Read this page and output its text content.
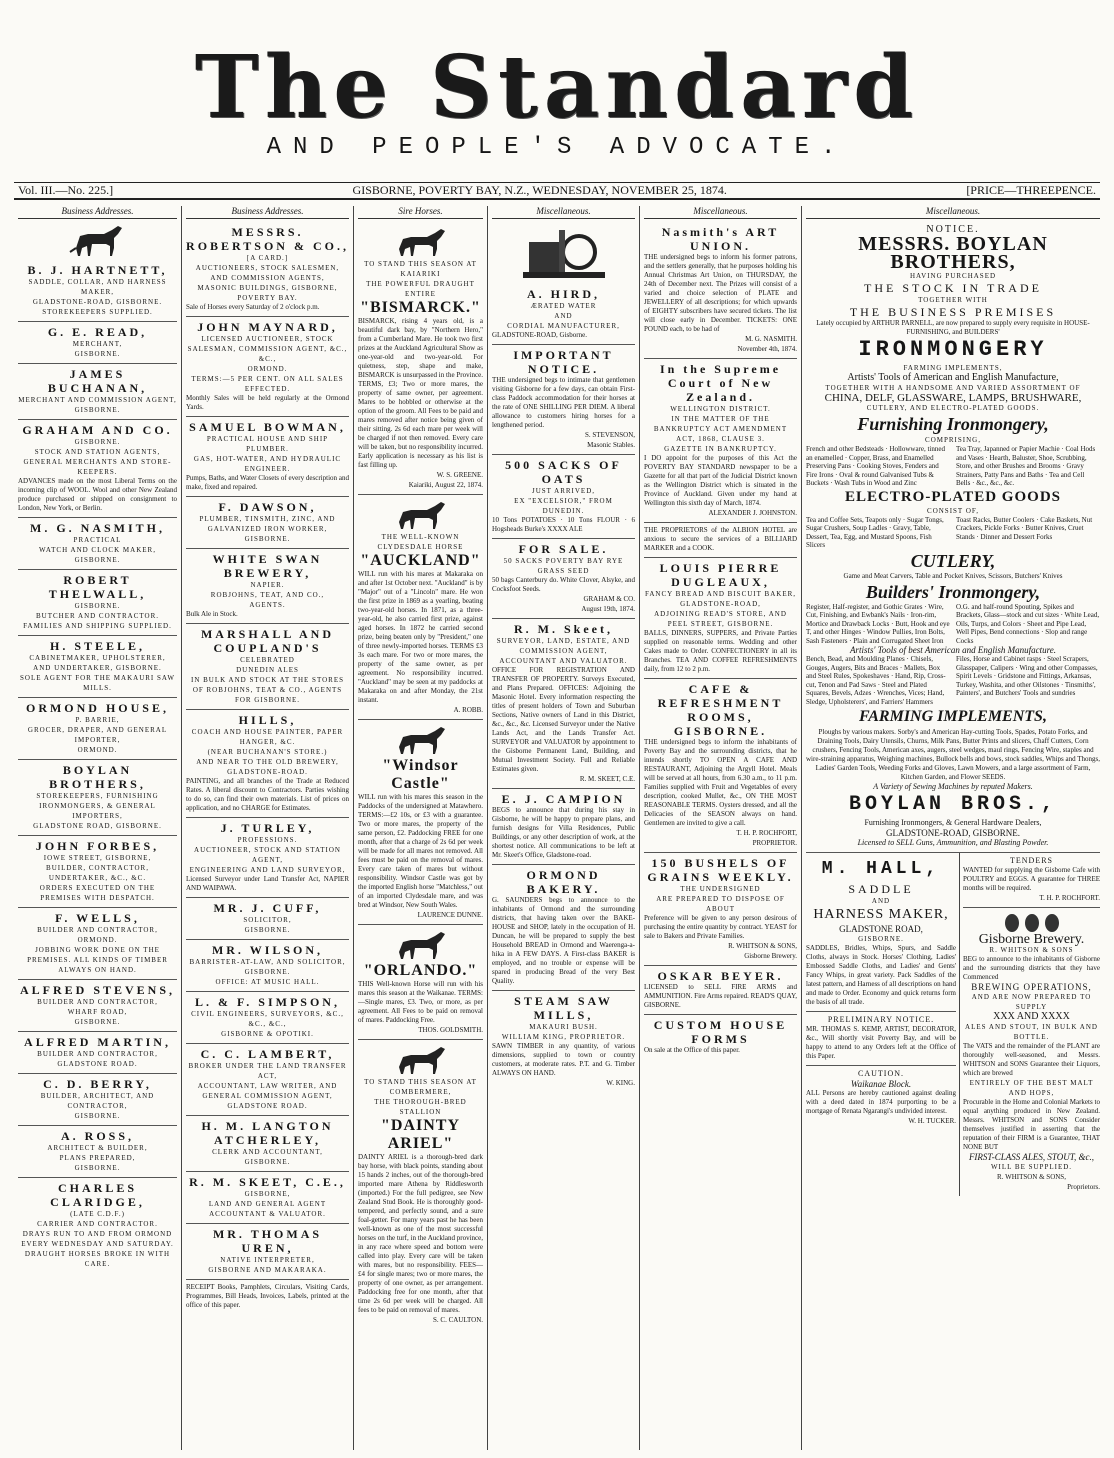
The Standard
AND PEOPLE'S ADVOCATE.
Vol. III.—No. 225.]	GISBORNE, POVERTY BAY, N.Z., WEDNESDAY, NOVEMBER 25, 1874.	[PRICE—THREEPENCE.
Business Addresses.
B. J. HARTNETT,
SADDLE, COLLAR, AND HARNESS MAKER,
GLADSTONE-ROAD, GISBORNE.
STOREKEEPERS SUPPLIED.
G. E. READ,
MERCHANT,
GISBORNE.
JAMES BUCHANAN,
MERCHANT AND COMMISSION AGENT,
GISBORNE.
GRAHAM AND CO.
GISBORNE.
STOCK AND STATION AGENTS,
GENERAL MERCHANTS AND STORE-KEEPERS.
ADVANCES made on the most Liberal Terms on the incoming clip of WOOL. Wool and other New Zealand produce purchased or shipped on consignment to London, New York, or Berlin.
M. G. NASMITH,
PRACTICAL
WATCH AND CLOCK MAKER,
GISBORNE.
ROBERT THELWALL,
GISBORNE.
BUTCHER AND CONTRACTOR.
FAMILIES AND SHIPPING SUPPLIED.
H. STEELE,
CABINETMAKER, UPHOLSTERER,
AND UNDERTAKER, GISBORNE.
SOLE AGENT FOR THE MAKAURI SAW MILLS.
ORMOND HOUSE,
P. BARRIE,
GROCER, DRAPER, AND GENERAL IMPORTER,
ORMOND.
BOYLAN BROTHERS,
STOREKEEPERS, FURNISHING IRONMONGERS, & GENERAL IMPORTERS,
GLADSTONE ROAD, GISBORNE.
JOHN FORBES,
IOWE STREET, GISBORNE,
BUILDER, CONTRACTOR, UNDERTAKER, &C., &C.
ORDERS EXECUTED ON THE PREMISES WITH DESPATCH.
F. WELLS,
BUILDER AND CONTRACTOR,
ORMOND.
JOBBING WORK DONE ON THE PREMISES. ALL KINDS OF TIMBER ALWAYS ON HAND.
ALFRED STEVENS,
BUILDER AND CONTRACTOR,
WHARF ROAD,
GISBORNE.
ALFRED MARTIN,
BUILDER AND CONTRACTOR,
GLADSTONE ROAD.
C. D. BERRY,
BUILDER, ARCHITECT, AND CONTRACTOR,
GISBORNE.
A. ROSS,
ARCHITECT & BUILDER,
PLANS PREPARED,
GISBORNE.
CHARLES CLARIDGE,
(LATE C.D.F.)
CARRIER AND CONTRACTOR.
DRAYS RUN TO AND FROM ORMOND EVERY WEDNESDAY AND SATURDAY. DRAUGHT HORSES BROKE IN WITH CARE.
Business Addresses.
MESSRS. ROBERTSON & CO.,
[A CARD.]
AUCTIONEERS, STOCK SALESMEN, AND COMMISSION AGENTS,
MASONIC BUILDINGS, GISBORNE, POVERTY BAY.
Sale of Horses every Saturday of 2 o'clock p.m.
JOHN MAYNARD,
LICENSED AUCTIONEER, STOCK SALESMAN, COMMISSION AGENT, &C., &C.,
ORMOND.
TERMS:—5 PER CENT. ON ALL SALES EFFECTED.
Monthly Sales will be held regularly at the Ormond Yards.
SAMUEL BOWMAN,
PRACTICAL HOUSE AND SHIP PLUMBER.
GAS, HOT-WATER, AND HYDRAULIC ENGINEER.
Pumps, Baths, and Water Closets of every description and make, fixed and repaired.
F. DAWSON,
PLUMBER, TINSMITH, ZINC, AND GALVANIZED IRON WORKER,
GISBORNE.
WHITE SWAN BREWERY,
NAPIER.
ROBJOHNS, TEAT, AND CO.,
AGENTS.
Bulk Ale in Stock.
MARSHALL AND COUPLAND'S
CELEBRATED
DUNEDIN ALES
IN BULK AND STOCK AT THE STORES OF ROBJOHNS, TEAT & CO., AGENTS FOR GISBORNE.
HILLS,
COACH AND HOUSE PAINTER, PAPER HANGER, &C.
(NEAR BUCHANAN'S STORE.)
AND NEAR TO THE OLD BREWERY, GLADSTONE-ROAD.
PAINTING, and all branches of the Trade at Reduced Rates. A liberal discount to Contractors. Parties wishing to do so, can find their own materials. List of prices on application, and no CHARGE for Estimates.
J. TURLEY,
PROFESSIONS.
AUCTIONEER, STOCK AND STATION AGENT,
ENGINEERING AND LAND SURVEYOR,
Licensed Surveyor under Land Transfer Act, NAPIER AND WAIPAWA.
MR. J. CUFF,
SOLICITOR,
GISBORNE.
MR. WILSON,
BARRISTER-AT-LAW, AND SOLICITOR,
GISBORNE.
OFFICE: AT MUSIC HALL.
L. & F. SIMPSON,
CIVIL ENGINEERS, SURVEYORS, &C., &C., &C.,
GISBORNE & OPOTIKI.
C. C. LAMBERT,
BROKER UNDER THE LAND TRANSFER ACT,
ACCOUNTANT, LAW WRITER, AND GENERAL COMMISSION AGENT,
GLADSTONE ROAD.
H. M. LANGTON ATCHERLEY,
CLERK AND ACCOUNTANT,
GISBORNE.
R. M. SKEET, C.E.,
GISBORNE,
LAND AND GENERAL AGENT
ACCOUNTANT & VALUATOR.
MR. THOMAS UREN,
NATIVE INTERPRETER,
GISBORNE AND MAKARAKA.
RECEIPT Books, Pamphlets, Circulars, Visiting Cards, Programmes, Bill Heads, Invoices, Labels, printed at the office of this paper.
Sire Horses.
TO STAND THIS SEASON AT KAIARIKI
THE POWERFUL DRAUGHT ENTIRE
"BISMARCK."
BISMARCK, rising 4 years old, is a beautiful dark bay, by "Northern Hero," from a Cumberland Mare. He took two first prizes at the Auckland Agricultural Show as one-year-old and two-year-old. For quietness, step, shape and make, BISMARCK is unsurpassed in the Province. TERMS, £3; Two or more mares, the property of same owner, per agreement. Mares to be hobbled or otherwise at the option of the groom. All Fees to be paid and mares removed after notice being given of their sitting. 2s 6d each mare per week will be charged if not then removed. Every care will be taken, but no responsibility incurred. Early application is necessary as his list is fast filling up.
W. S. GREENE.
Kaiariki, August 22, 1874.
THE WELL-KNOWN CLYDESDALE HORSE
"AUCKLAND"
WILL run with his mares at Makaraka on and after 1st October next. "Auckland" is by "Major" out of a "Lincoln" mare. He won the first prize in 1869 as a yearling, beating two-year-old horses. In 1871, as a three-year-old, he also carried first prize, against aged horses. In 1872 he carried second prize, being beaten only by "President," one of three newly-imported horses. TERMS £3 3s each mare. For two or more mares, the property of the same owner, as per agreement. No responsibility incurred. "Auckland" may be seen at my paddocks at Makaraka on and after Monday, the 21st instant.
A. ROBB.
"Windsor Castle"
WILL run with his mares this season in the Paddocks of the undersigned at Matawhero. TERMS:—£2 10s, or £3 with a guarantee. Two or more mares, the property of the same person, £2. Paddocking FREE for one month, after that a charge of 2s 6d per week will be made for all mares not removed. All fees must be paid on the removal of mares. Every care taken of mares but without responsibility. Windsor Castle was got by the imported English horse "Matchless," out of an imported Clydesdale mare, and was bred at Windsor, New South Wales.
LAURENCE DUNNE.
"ORLANDO."
THIS Well-known Horse will run with his mares this season at the Waikanae. TERMS:—Single mares, £3. Two, or more, as per agreement. All Fees to be paid on removal of mares. Paddocking Free.
THOS. GOLDSMITH.
TO STAND THIS SEASON AT COMBERMERE,
THE THOROUGH-BRED STALLION
"DAINTY ARIEL"
DAINTY ARIEL is a thorough-bred dark bay horse, with black points, standing about 15 hands 2 inches, out of the thorough-bred imported mare Athena by Riddlesworth (imported.) For the full pedigree, see New Zealand Stud Book. He is thoroughly good-tempered, and perfectly sound, and a sure foal-getter. For many years past he has been well-known as one of the most successful horses on the turf, in the Auckland province, in any race where speed and bottom were called into play. Every care will be taken with mares, but no responsibility. FEES—£4 for single mares; two or more mares, the property of one owner, as per arrangement. Paddocking free for one month, after that time 2s 6d per week will be charged. All fees to be paid on removal of mares.
S. C. CAULTON.
Miscellaneous.
A. HIRD,
ÆRATED WATER
AND
CORDIAL MANUFACTURER,
GLADSTONE-ROAD, Gisborne.
IMPORTANT NOTICE.
THE undersigned begs to intimate that gentlemen visiting Gisborne for a few days, can obtain First-class Paddock accommodation for their horses at the rate of ONE SHILLING PER DIEM. A liberal allowance to customers hiring horses for a lengthened period.
S. STEVENSON,
Masonic Stables.
500 SACKS OF OATS
JUST ARRIVED,
EX "EXCELSIOR," FROM DUNEDIN.
10 Tons POTATOES · 10 Tons FLOUR · 6 Hogsheads Burke's XXXX ALE
FOR SALE.
50 SACKS POVERTY BAY RYE GRASS SEED
50 bags Canterbury do. White Clover, Alsyke, and Cocksfoot Seeds.
GRAHAM & CO.
August 19th, 1874.
R. M. Skeet,
SURVEYOR, LAND, ESTATE, AND COMMISSION AGENT,
ACCOUNTANT AND VALUATOR.
OFFICE FOR REGISTRATION AND TRANSFER OF PROPERTY. Surveys Executed, and Plans Prepared. OFFICES: Adjoining the Masonic Hotel. Every information respecting the titles of present holders of Town and Suburban Sections, Native owners of Land in this District, &c., &c., &c. Licensed Surveyor under the Native Lands Act, and the Lands Transfer Act. SURVEYOR and VALUATOR by appointment to the Gisborne Permanent Land, Building, and Mutual Investment Society. Full and Reliable Estimates given.
R. M. SKEET, C.E.
E. J. CAMPION
BEGS to announce that during his stay in Gisborne, he will be happy to prepare plans, and furnish designs for Villa Residences, Public Buildings, or any other description of work, at the shortest notice. All communications to be left at Mr. Skeet's Office, Gladstone-road.
ORMOND BAKERY.
G. SAUNDERS begs to announce to the inhabitants of Ormond and the surrounding districts, that having taken over the BAKE-HOUSE and SHOP, lately in the occupation of H. Duncan, he will be prepared to supply the best Household BREAD in Ormond and Waerenga-a-hika in A FEW DAYS. A First-class BAKER is employed, and no trouble or expense will be spared in producing Bread of the very Best Quality.
STEAM SAW MILLS,
MAKAURI BUSH.
WILLIAM KING, PROPRIETOR.
SAWN TIMBER in any quantity, of various dimensions, supplied to town or country customers, at moderate rates. P.T. and G. Timber ALWAYS ON HAND.
W. KING.
Miscellaneous.
Nasmith's ART UNION.
THE undersigned begs to inform his former patrons, and the settlers generally, that he purposes holding his Annual Christmas Art Union, on THURSDAY, the 24th of December next. The Prizes will consist of a varied and choice selection of PLATE and JEWELLERY of all descriptions; for which upwards of EIGHTY subscribers have secured tickets. The list will close early in December. TICKETS: ONE POUND each, to be had of
M. G. NASMITH.
November 4th, 1874.
In the Supreme Court of New Zealand.
WELLINGTON DISTRICT.
IN THE MATTER OF THE BANKRUPTCY ACT AMENDMENT ACT, 1868, CLAUSE 3.
GAZETTE IN BANKRUPTCY.
I DO appoint for the purposes of this Act the POVERTY BAY STANDARD newspaper to be a Gazette for all that part of the Judicial District known as the Wellington District which is situated in the Province of Auckland. Given under my hand at Wellington this sixth day of March, 1874.
ALEXANDER J. JOHNSTON.
THE PROPRIETORS of the ALBION HOTEL are anxious to secure the services of a BILLIARD MARKER and a COOK.
LOUIS PIERRE DUGLEAUX,
FANCY BREAD AND BISCUIT BAKER,
GLADSTONE-ROAD,
ADJOINING READ'S STORE, AND PEEL STREET, GISBORNE.
BALLS, DINNERS, SUPPERS, and Private Parties supplied on reasonable terms. Wedding and other Cakes made to Order. CONFECTIONERY in all its Branches. TEA AND COFFEE REFRESHMENTS daily, from 12 to 2 p.m.
CAFE & REFRESHMENT ROOMS, GISBORNE.
THE undersigned begs to inform the inhabitants of Poverty Bay and the surrounding districts, that he intends shortly TO OPEN A CAFE AND RESTAURANT, Adjoining the Argyll Hotel. Meals will be served at all hours, from 6.30 a.m., to 11 p.m. Families supplied with Fruit and Vegetables of every description, cooked Mullet, &c., ON THE MOST REASONABLE TERMS. Oysters dressed, and all the Delicacies of the SEASON always on hand. Gentlemen are invited to give a call.
T. H. P. ROCHFORT,
PROPRIETOR.
150 BUSHELS OF GRAINS WEEKLY.
THE UNDERSIGNED
ARE PREPARED TO DISPOSE OF ABOUT
Preference will be given to any person desirous of purchasing the entire quantity by contract. YEAST for sale to Bakers and Private Families.
R. WHITSON & SONS,
Gisborne Brewery.
OSKAR BEYER.
LICENSED to SELL FIRE ARMS and AMMUNITION. Fire Arms repaired. READ'S QUAY, GISBORNE.
CUSTOM HOUSE FORMS
On sale at the Office of this paper.
Miscellaneous.
NOTICE.
MESSRS. BOYLAN BROTHERS,
HAVING PURCHASED
THE STOCK IN TRADE
TOGETHER WITH
THE BUSINESS PREMISES
Lately occupied by ARTHUR PARNELL, are now prepared to supply every requisite in HOUSE-FURNISHING, and BUILDERS'
IRONMONGERY
FARMING IMPLEMENTS,
Artists' Tools of American and English Manufacture,
TOGETHER WITH A HANDSOME AND VARIED ASSORTMENT OF
CHINA, DELF, GLASSWARE, LAMPS, BRUSHWARE,
CUTLERY, AND ELECTRO-PLATED GOODS.
Furnishing Ironmongery,
COMPRISING,
French and other Bedsteads · Hollowware, tinned an enamelled · Copper, Brass, and Enamelled Preserving Pans · Cooking Stoves, Fenders and Fire Irons · Oval & round Galvanised Tubs & Buckets · Wash Tubs in Wood and Zinc
Tea Tray, Japanned or Papier Machie · Coal Hods and Vases · Hearth, Baluster, Shoe, Scrubbing, Store, and other Brushes and Brooms · Gravy Strainers, Patty Pans and Baths · Tea and Cell Bells · &c., &c., &c.
ELECTRO-PLATED GOODS
CONSIST OF,
Tea and Coffee Sets, Teapots only · Sugar Tongs, Sugar Crushers, Soup Ladles · Gravy, Table, Dessert, Tea, Egg, and Mustard Spoons, Fish Slicers
Toast Racks, Butter Coolers · Cake Baskets, Nut Crackers, Pickle Forks · Butter Knives, Cruet Stands · Dinner and Dessert Forks
CUTLERY,
Game and Meat Carvers, Table and Pocket Knives, Scissors, Butchers' Knives
Builders' Ironmongery,
Register, Half-register, and Gothic Grates · Wire, Cut, Finishing, and Ewbank's Nails · Iron-rim, Mortice and Drawback Locks · Butt, Hook and eye T, and other Hinges · Window Pullies, Iron Bolts, Sash Fasteners · Plain and Corrugated Sheet Iron
O.G. and half-round Spouting, Spikes and Brackets, Glass—stock and cut sizes · White Lead, Oils, Turps, and Colors · Sheet and Pipe Lead, Well Pipes, Bend connections · Slop and range Cocks
Artists' Tools of best American and English Manufacture.
Bench, Bead, and Moulding Planes · Chisels, Gouges, Augers, Bits and Braces · Mallets, Box and Steel Rules, Spokeshaves · Hand, Rip, Cross-cut, Tenon and Pad Saws · Steel and Plated Squares, Bevels, Adzes · Wrenches, Vices; Hand, Sledge, Upholsterers', and Farriers' Hammers
Files, Horse and Cabinet rasps · Steel Scrapers, Glasspaper, Calipers · Wing and other Compasses, Spirit Levels · Gridstone and Fittings, Arkansas, Turkey, Washita, and other Oilstones · Tinsmiths', Painters', and Butchers' Tools and sundries
FARMING IMPLEMENTS,
Ploughs by various makers. Sorby's and American Hay-cutting Tools, Spades, Potato Forks, and Draining Tools, Dairy Utensils, Churns, Milk Pans, Butter Prints and slicers, Chaff Cutters, Corn crushers, Fencing Tools, American axes, augers, steel wedges, maul rings, Fencing Wire, staples and wire-straining apparatus, Weighing machines, Bullock bells and bows, stock saddles, Whips and Thongs, Ladies' Garden Tools, Weeding Forks and Gloves, Lawn Mowers, and a large assortment of Farm, Kitchen Garden, and Flower SEEDS.
A Variety of Sewing Machines by reputed Makers.
BOYLAN BROS.,
Furnishing Ironmongers, & General Hardware Dealers,
GLADSTONE-ROAD, GISBORNE.
Licensed to SELL Guns, Ammunition, and Blasting Powder.
M. HALL,
SADDLE
AND
HARNESS MAKER,
GLADSTONE ROAD,
GISBORNE.
SADDLES, Bridles, Whips, Spurs, and Saddle Cloths, always in Stock. Horses' Clothing, Ladies' Embossed Saddle Cloths, and Ladies' and Gents' Fancy Whips, in great variety. Pack Saddles of the latest pattern, and Harness of all descriptions on hand and made to Order. Economy and quick returns form the basis of all trade.
PRELIMINARY NOTICE.
MR. THOMAS S. KEMP, ARTIST, DECORATOR, &c., Will shortly visit Poverty Bay, and will be happy to attend to any Orders left at the Office of this Paper.
CAUTION.
Waikanae Block.
ALL Persons are hereby cautioned against dealing with a deed dated in 1874 purporting to be a mortgage of Renata Ngarangi's undivided interest.
W. H. TUCKER.
TENDERS
WANTED for supplying the Gisborne Cafe with POULTRY and EGGS. A guarantee for THREE months will be required.
T. H. P. ROCHFORT.
Gisborne Brewery.
R. WHITSON & SONS
BEG to announce to the inhabitants of Gisborne and the surrounding districts that they have Commenced
BREWING OPERATIONS,
AND ARE NOW PREPARED TO SUPPLY
XXX AND XXXX
ALES AND STOUT, IN BULK AND BOTTLE.
The VATS and the remainder of the PLANT are thoroughly well-seasoned, and Messrs. WHITSON and SONS Guarantee their Liquors, which are brewed
ENTIRELY OF THE BEST MALT AND HOPS,
Procurable in the Home and Colonial Markets to equal anything produced in New Zealand. Messrs. WHITSON and SONS Consider themselves justified in asserting that the reputation of their FIRM is a Guarantee, THAT NONE BUT
FIRST-CLASS ALES, STOUT, &c.,
WILL BE SUPPLIED.
R. WHITSON & SONS,
Proprietors.
